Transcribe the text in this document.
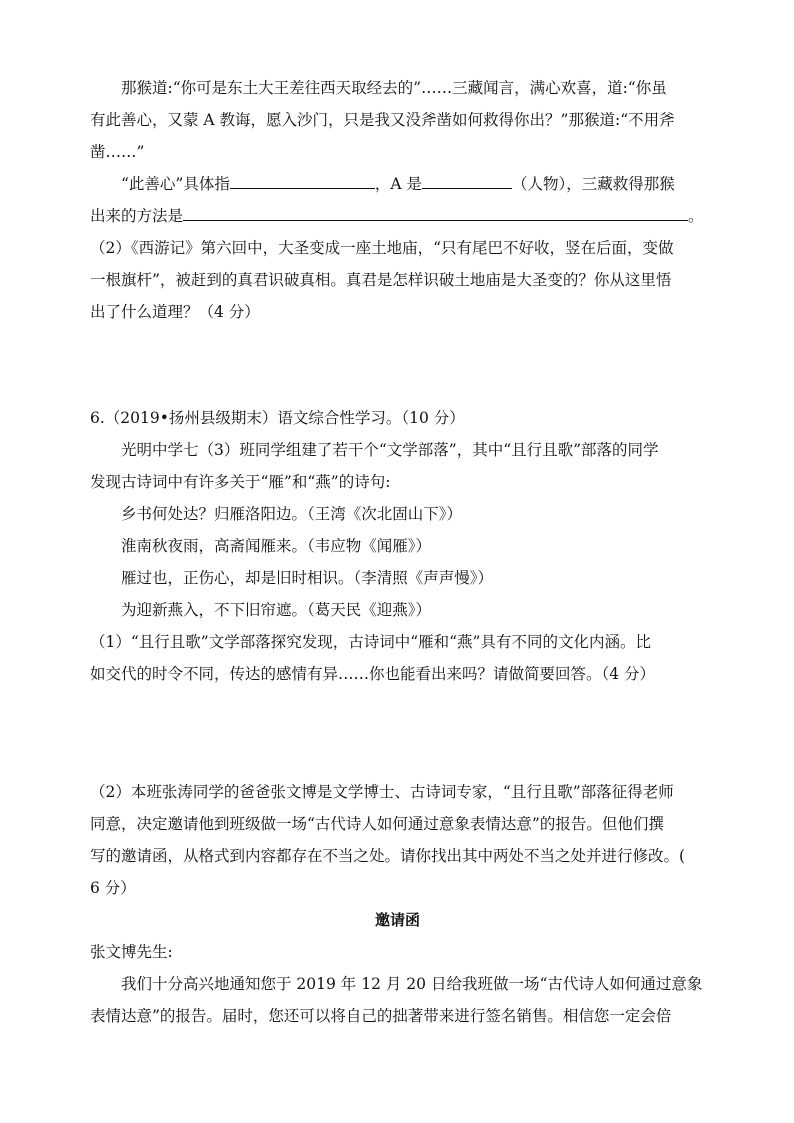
那猴道:“你可是东土大王差往西天取经去的”……三藏闻言，满心欢喜，道:“你虽
有此善心，又蒙 A 教诲，愿入沙门，只是我又没斧凿如何救得你出？”那猴道:“不用斧
凿……”
“此善心”具体指	，A 是	（人物），三藏救得那猴
出来的方法是	。
（2）《西游记》第六回中，大圣变成一座土地庙，“只有尾巴不好收，竖在后面，变做
一根旗杆”，被赶到的真君识破真相。真君是怎样识破土地庙是大圣变的？你从这里悟
出了什么道理？（4 分）
6.（2019•扬州县级期末）语文综合性学习。（10 分）
光明中学七（3）班同学组建了若干个“文学部落”，其中“且行且歌”部落的同学
发现古诗词中有许多关于“雁”和“燕”的诗句:
乡书何处达？归雁洛阳边。（王湾《次北固山下》）
淮南秋夜雨，高斋闻雁来。（韦应物《闻雁》）
雁过也，正伤心，却是旧时相识。（李清照《声声慢》）
为迎新燕入，不下旧帘遮。（葛天民《迎燕》）
（1）“且行且歌”文学部落探究发现，古诗词中“雁和“燕”具有不同的文化内涵。比
如交代的时令不同，传达的感情有异……你也能看出来吗？请做简要回答。（4 分）
（2）本班张涛同学的爸爸张文博是文学博士、古诗词专家，“且行且歌”部落征得老师
同意，决定邀请他到班级做一场“古代诗人如何通过意象表情达意”的报告。但他们撰
写的邀请函，从格式到内容都存在不当之处。请你找出其中两处不当之处并进行修改。(
6 分）
邀请函
张文博先生:
我们十分高兴地通知您于 2019 年 12 月 20 日给我班做一场“古代诗人如何通过意象
表情达意”的报告。届时，您还可以将自己的拙著带来进行签名销售。相信您一定会倍
